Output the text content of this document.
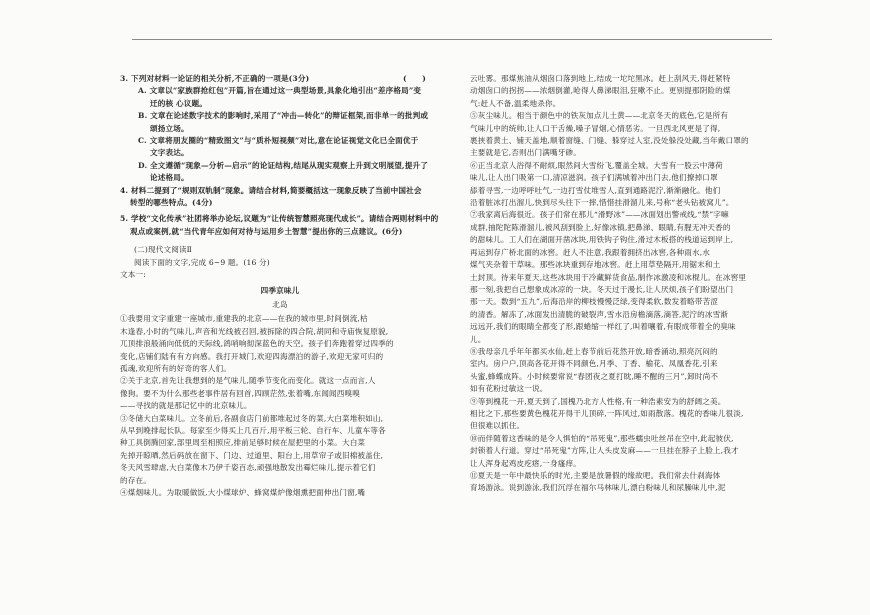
3. 下列对材料一论证的相关分析,不正确的一项是(3分)	(　　)

A. 文章以“家族群抢红包”开篇,旨在通过这一典型场景,具象化地引出“差序格局”变

迁的核 心议题。

B. 文章在论述数字技术的影响时,采用了“冲击—转化”的辩证框架,而非单一的批判或

颂扬立场。

C. 文章将朋友圈的“精致图文”与“质朴短视频”对比,意在论证视觉文化已全面优于

文字表达。

D. 全文遵循“现象—分析—启示”的论证结构,结尾从现实观察上升到文明展望,提升了

论述格局。

4. 材料二提到了“规则双轨制”现象。请结合材料,简要概括这一现象反映了当前中国社会

转型的哪些特点。(4分)

5. 学校“文化传承”社团将举办论坛,议题为“让传统智慧照亮现代成长”。请结合两则材料中的

观点或案例,就“当代青年应如何对待与运用乡土智慧”提出你的三点建议。(6分)

(二)现代文阅读Ⅱ

阅读下面的文字,完成 6~9 题。(16 分)

文本一:

四季京味儿

北岛

①我要用文字重建一座城市,重建我的北京——在我的城市里,时间倒流,枯

木逢春,小时的气味儿,声音和光线被召回,被拆除的四合院,胡同和寺庙恢复原貌,

兀顶排浪般涌向低低的天际线,鸽哨响彻深蓝色的天空。孩子们奔跑着穿过四季的

变化,店铺们陆有有方向感。我打开城门,欢迎四海漂泊的游子,欢迎无家可归的

孤魂,欢迎所有的好奇的客人们。

②关于北京,首先让我想到的是气味儿,随季节变化而变化。就这一点而言,人

像狗。要不为什么那些老事件居有回首,四顾茫然,张着嘴,东闻闻西嗅嗅

——寻找的就是那记忆中的北京味儿。

③冬储大白菜味儿。立冬前后,各副食店门前都堆起过冬的菜,大白菜堆积如山,

从早到晚排起长队。每家至少得买上几百斤,用平板三轮、自行车、儿童车等各

种工具倒腾回家,部里周至相照应,排前足够时候在屋把里的小菜。大白菜

先掉开晾晒,然后码放在窗下、门边、过道里、阳台上,用草帘子或旧棉被盖住,

冬天风雪肆虐,大白菜像木乃伊千姿百态,顽强地散发出霉烂味儿,提示着它们

的存在。

④煤烟味儿。为取暖做饭,大小煤球炉、蜂窝煤炉像烟熏把面伸出门窗,嘴

云吐雾。那煤焦油从烟囱口落到地上,结成一坨坨黑冰。赶上刮风天,得赶紧特

动烟囱口的拐拐——浓烟倒灌,呛得人鼻涕眼泪,狂嗽不止。更别提那阴险的煤

气:赶人不备,温柔地杀你。

⑤灰尘味儿。相当于颜色中的铁灰加点儿土黄——北京冬天的底色,它是所有

气味儿中的统帅,让人口干舌燥,嗓子冒烟,心情恶劣。一旦西北风更是了得,

裹挟着黄土、铺天盖地,顺着窗缝、门缝、躲穿过人室,没处躲没处藏,当年戴口罩的

主要就是它,否则出门满嘴牙碜。

⑥正当北京人浴得不耐烦,眼然间大雪纷飞,覆盖全城。大雪有一股云中薄荷

味儿,让人出门吸第一口,清凉滋润。孩子们满城着冲出门去,他们撩掉口罩

舔着寻雪,一边呼呼吐气,一边打雪仗堆雪人,直到通路泥泞,渐渐融化。他们

沿着脏冰打出溜儿,快到尽头往下一摔,惜惜挂滑溜儿来,号称“老头钻被窝儿”。

⑦我家离后海很近。孩子们常在那儿“滑野冰”——冰面划出警戒线,“禁”字嘛

成群,抽陀陀陈滑溜儿,被风刮到脸上,好像冰镇,把鼻涕、眼睛,有腥无冲天香的

的甜味儿。工人们在湖面开凿冰块,用铁钩子钩住,滑过木板搭的栈道运到岸上,

再运到存广桥北面的冰窖。赶人不注意,我跟着拥挤出冰窖,各种雨水,水

煤气夹杂着干草味。那些冰块重到存地冰窖。赶上用草垫隔开,用锯末和土

土封顶。待来年夏天,这些冰块用于冷藏鲜货食品,制作冰激凌和冰棍儿。在冰窖里

那一刻,我把自己想象成冰凉的一块。冬天过于漫长,让人厌烦,孩子们盼望出门

那一天。数到“五九”,后海沿岸的柳枝慢慢泛绿,变得柔软,数发着略带苦涩

的清香。解冻了,冰面发出清脆的破裂声,雪水沿房檐滴落,滴答,泥泞的冰雪渐

远远开,我们的眼睛全都变了形,跟蜷缩一样红了,叫着嚷着,有眼成带着全的臭味

儿。

⑧我母亲几乎年年都买水仙,赶上春节前后花然开放,暗香涌动,照亮沉闷的

室内。房户户,顶高各花开得不同颜色,月季、丁香、榆花、凤凰香花,引来

头蜜,蜂蝶成阵。小时候要常说“春团夜之夏打眈,睡不醒的三月”,卸时尚不

如有花粉过敏这一说。

⑨等到槐花一开,夏天到了,国槐乃北方人性格,有一种浩素安为的舒阔之美。

相比之下,那些要黄色槐花开得干儿顶碎,一阵风过,如雨散落。槐花的香味儿很淡,

但很难以抓住。

⑩而伴随着这香味的是令人惧怕的“吊死鬼”,那些蠕虫吐丝吊在空中,此起彼伏,

封锁着人行道。穿过“吊死鬼”方阵,让人头皮发麻——一旦挂在脖子上脸上,我才

让人浑身起鸡皮疙瘩,一身瘙痒。

⑪夏天是一年中最快乐的时光,主要是放暑假的缘故吧。我们常去什刹海体

育场游泳。说到游泳,我们沉浮在福尔马林味儿,漂白粉味儿和尿臊味儿中,泥
